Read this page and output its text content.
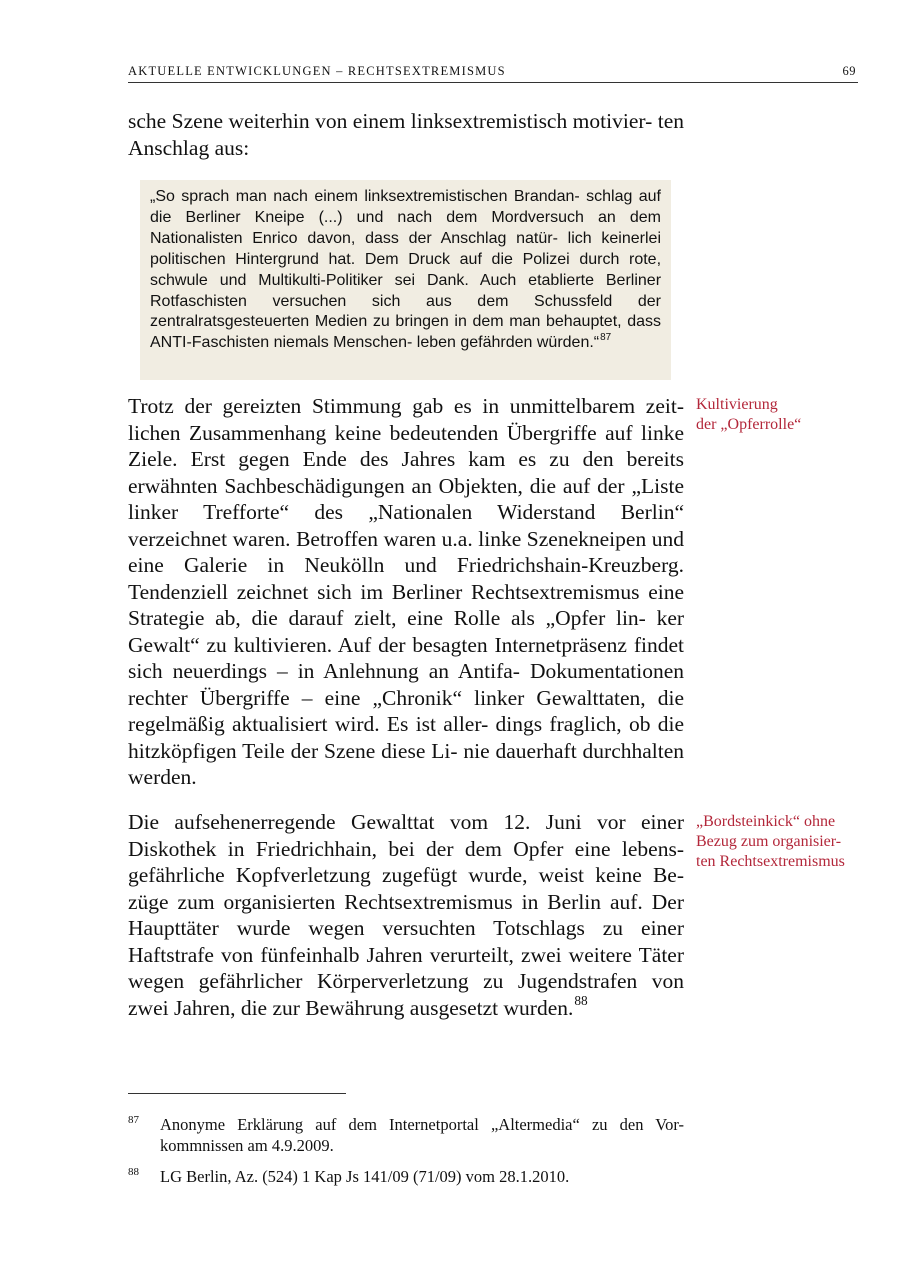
AKTUELLE ENTWICKLUNGEN – RECHTSEXTREMISMUS	69
sche Szene weiterhin von einem linksextremistisch motivier- ten Anschlag aus:
„So sprach man nach einem linksextremistischen Brandan- schlag auf die Berliner Kneipe (...) und nach dem Mordversuch an dem Nationalisten Enrico davon, dass der Anschlag natür- lich keinerlei politischen Hintergrund hat. Dem Druck auf die Polizei durch rote, schwule und Multikulti-Politiker sei Dank. Auch etablierte Berliner Rotfaschisten versuchen sich aus dem Schussfeld der zentralratsgesteuerten Medien zu bringen in dem man behauptet, dass ANTI-Faschisten niemals Menschen- leben gefährden würden.“$^{87}$
Trotz der gereizten Stimmung gab es in unmittelbarem zeit- lichen Zusammenhang keine bedeutenden Übergriffe auf linke Ziele. Erst gegen Ende des Jahres kam es zu den bereits erwähnten Sachbeschädigungen an Objekten, die auf der „Liste linker Trefforte“ des „Nationalen Widerstand Berlin“ verzeichnet waren. Betroffen waren u.a. linke Szenekneipen und eine Galerie in Neukölln und Friedrichshain-Kreuzberg. Tendenziell zeichnet sich im Berliner Rechtsextremismus eine Strategie ab, die darauf zielt, eine Rolle als „Opfer lin- ker Gewalt“ zu kultivieren. Auf der besagten Internetpräsenz findet sich neuerdings – in Anlehnung an Antifa- Dokumentationen rechter Übergriffe – eine „Chronik“ linker Gewalttaten, die regelmäßig aktualisiert wird. Es ist aller- dings fraglich, ob die hitzköpfigen Teile der Szene diese Li- nie dauerhaft durchhalten werden.
Die aufsehenerregende Gewalttat vom 12. Juni vor einer Diskothek in Friedrichhain, bei der dem Opfer eine lebens- gefährliche Kopfverletzung zugefügt wurde, weist keine Be- züge zum organisierten Rechtsextremismus in Berlin auf. Der Haupttäter wurde wegen versuchten Totschlags zu einer Haftstrafe von fünfeinhalb Jahren verurteilt, zwei weitere Täter wegen gefährlicher Körperverletzung zu Jugendstrafen von zwei Jahren, die zur Bewährung ausgesetzt wurden.$^{88}$
Kultivierung
der „Opferrolle“
„Bordsteinkick“ ohne
Bezug zum organisier-
ten Rechtsextremismus
87 Anonyme Erklärung auf dem Internetportal „Altermedia“ zu den Vor- kommnissen am 4.9.2009.
88 LG Berlin, Az. (524) 1 Kap Js 141/09 (71/09) vom 28.1.2010.
